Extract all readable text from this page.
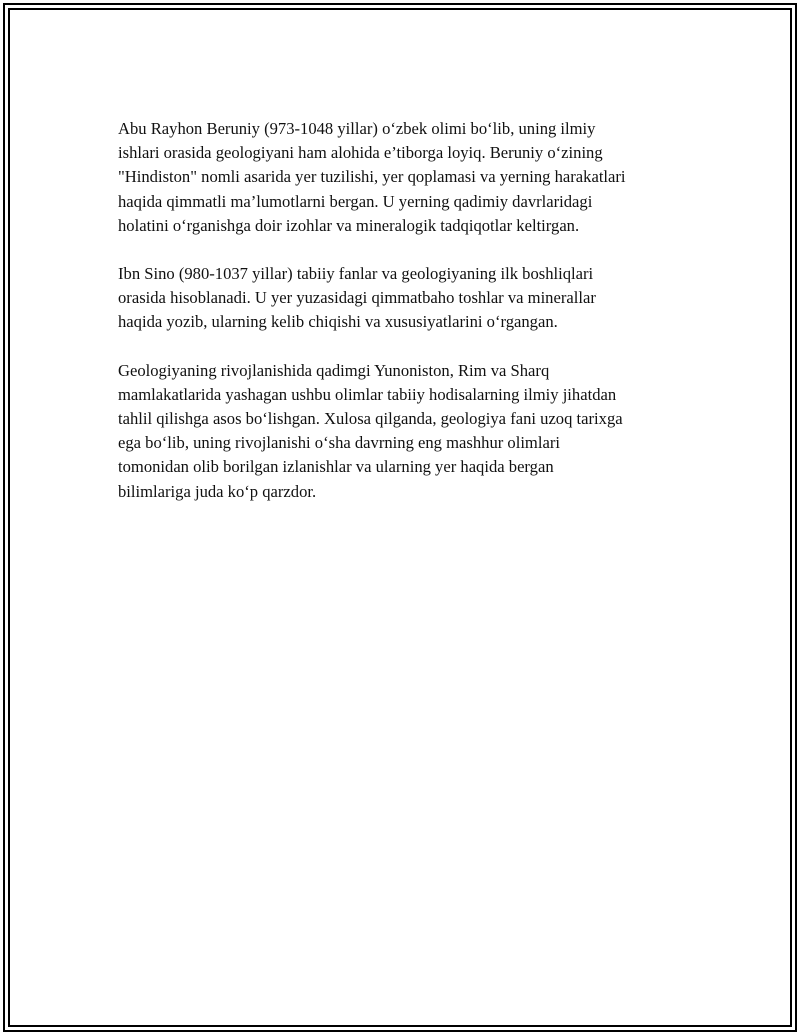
Abu Rayhon Beruniy (973-1048 yillar) o‘zbek olimi bo‘lib, uning ilmiy
ishlari orasida geologiyani ham alohida e’tiborga loyiq. Beruniy o‘zining
"Hindiston" nomli asarida yer tuzilishi, yer qoplamasi va yerning harakatlari
haqida qimmatli ma’lumotlarni bergan. U yerning qadimiy davrlaridagi
holatini o‘rganishga doir izohlar va mineralogik tadqiqotlar keltirgan.

Ibn Sino (980-1037 yillar) tabiiy fanlar va geologiyaning ilk boshliqlari
orasida hisoblanadi. U yer yuzasidagi qimmatbaho toshlar va minerallar
haqida yozib, ularning kelib chiqishi va xususiyatlarini o‘rgangan.

Geologiyaning rivojlanishida qadimgi Yunoniston, Rim va Sharq
mamlakatlarida yashagan ushbu olimlar tabiiy hodisalarning ilmiy jihatdan
tahlil qilishga asos bo‘lishgan. Xulosa qilganda, geologiya fani uzoq tarixga
ega bo‘lib, uning rivojlanishi o‘sha davrning eng mashhur olimlari
tomonidan olib borilgan izlanishlar va ularning yer haqida bergan
bilimlariga juda ko‘p qarzdor.
